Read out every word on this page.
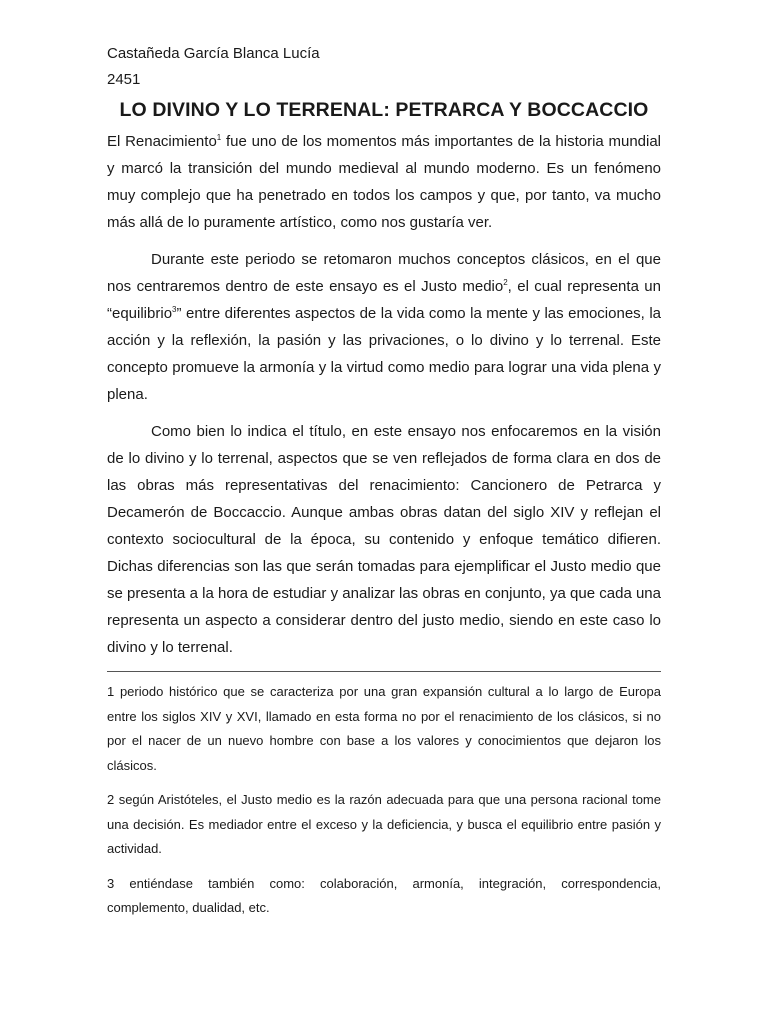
Castañeda García Blanca Lucía

2451

LO DIVINO Y LO TERRENAL: PETRARCA Y BOCCACCIO

El Renacimiento$^1$ fue uno de los momentos más importantes de la historia mundial y marcó la transición del mundo medieval al mundo moderno. Es un fenómeno muy complejo que ha penetrado en todos los campos y que, por tanto, va mucho más allá de lo puramente artístico, como nos gustaría ver.

Durante este periodo se retomaron muchos conceptos clásicos, en el que nos centraremos dentro de este ensayo es el Justo medio$^2$, el cual representa un “equilibrio$^3$” entre diferentes aspectos de la vida como la mente y las emociones, la acción y la reflexión, la pasión y las privaciones, o lo divino y lo terrenal. Este concepto promueve la armonía y la virtud como medio para lograr una vida plena y plena.

Como bien lo indica el título, en este ensayo nos enfocaremos en la visión de lo divino y lo terrenal, aspectos que se ven reflejados de forma clara en dos de las obras más representativas del renacimiento: Cancionero de Petrarca y Decamerón de Boccaccio. Aunque ambas obras datan del siglo XIV y reflejan el contexto sociocultural de la época, su contenido y enfoque temático difieren. Dichas diferencias son las que serán tomadas para ejemplificar el Justo medio que se presenta a la hora de estudiar y analizar las obras en conjunto, ya que cada una representa un aspecto a considerar dentro del justo medio, siendo en este caso lo divino y lo terrenal.

1 periodo histórico que se caracteriza por una gran expansión cultural a lo largo de Europa entre los siglos XIV y XVI, llamado en esta forma no por el renacimiento de los clásicos, si no por el nacer de un nuevo hombre con base a los valores y conocimientos que dejaron los clásicos.

2 según Aristóteles, el Justo medio es la razón adecuada para que una persona racional tome una decisión. Es mediador entre el exceso y la deficiencia, y busca el equilibrio entre pasión y actividad.

3 entiéndase también como: colaboración, armonía, integración, correspondencia, complemento, dualidad, etc.
